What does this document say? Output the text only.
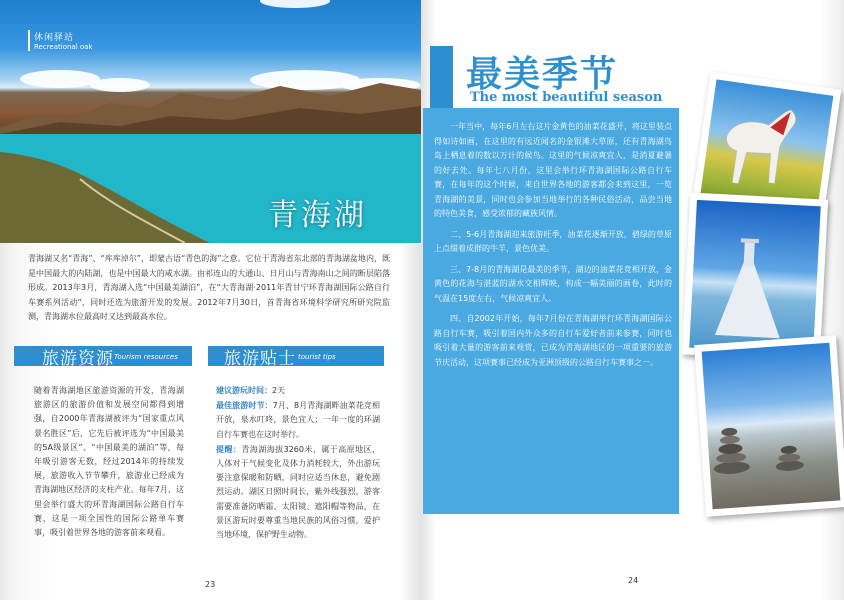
休闲驿站
Recreational oak
青海湖
青海湖又名“青海”、“库库淖尔”，即蒙古语“青色的海”之意。它位于青海省东北部的青海湖盆地内，既是中国最大的内陆湖，也是中国最大的咸水湖。由祁连山的大通山、日月山与青海南山之间的断层陷落形成。2013年3月，青海湖入选“中国最美湖泊”，在“大青海湖·2011年青甘宁环青海湖国际公路自行车赛系列活动”，同时还选为旅游开发的发展。2012年7月30日，首青海省环境科学研究所研究院监测，青海湖水位最高时又达到最高水位。
旅游资源 Tourism resources
随着青海湖地区旅游资源的开发，青海湖旅游区的旅游价值和发展空间都得到增强，自2000年青海湖被评为“国家重点风景名胜区”后，它先后被评选为“中国最美的5A级景区”、“中国最美的湖泊”等，每年吸引游客无数，经过2014年的持续发展，旅游收入节节攀升，旅游业已经成为青海湖地区经济的支柱产业。每年7月，这里会举行盛大的环青海湖国际公路自行车赛，这是一项全国性的国际公路单车赛事，吸引着世界各地的游客前来观看。
旅游贴士 tourist tips

建议游玩时间：2天

最佳旅游时节：7月、8月青海湖畔油菜花竞相开放，泉水叮咚，景色宜人；一年一度的环湖自行车赛也在这时举行。

提醒：青海湖海拔3260米，属于高原地区，人体对于气候变化及体力消耗较大，外出游玩要注意保暖和防晒，同时应适当休息，避免剧烈运动。湖区日照时间长，紫外线强烈，游客需要准备防晒霜、太阳镜、遮阳帽等物品，在景区游玩时要尊重当地民族的风俗习惯，爱护当地环境，保护野生动物。

23
最美季节
The most beautiful season

一年当中，每年6月左右这片金黄色的油菜花盛开，将这里装点得如诗如画，在这里的有远近闻名的金银滩大草原，还有青海湖鸟岛上栖息着的数以万计的候鸟。这里的气候凉爽宜人，是消夏避暑的好去处。每年七八月份，这里会举行环青海湖国际公路自行车赛，在每年的这个时候，来自世界各地的游客都会来到这里，一览青海湖的美景，同时也会参加当地举行的各种民俗活动，品尝当地的特色美食，感受浓郁的藏族风情。

二、5-6月青海湖迎来旅游旺季，油菜花逐渐开放，碧绿的草原上点缀着成群的牛羊，景色优美。

三、7-8月的青海湖是最美的季节，湖边的油菜花竞相开放，金黄色的花海与湛蓝的湖水交相辉映，构成一幅美丽的画卷，此时的气温在15度左右，气候凉爽宜人。

四、自2002年开始，每年7月份在青海湖举行环青海湖国际公路自行车赛，吸引着国内外众多的自行车爱好者前来参赛，同时也吸引着大量的游客前来观赏，已成为青海湖地区的一项重要的旅游节庆活动，这项赛事已经成为亚洲顶级的公路自行车赛事之一。

24
